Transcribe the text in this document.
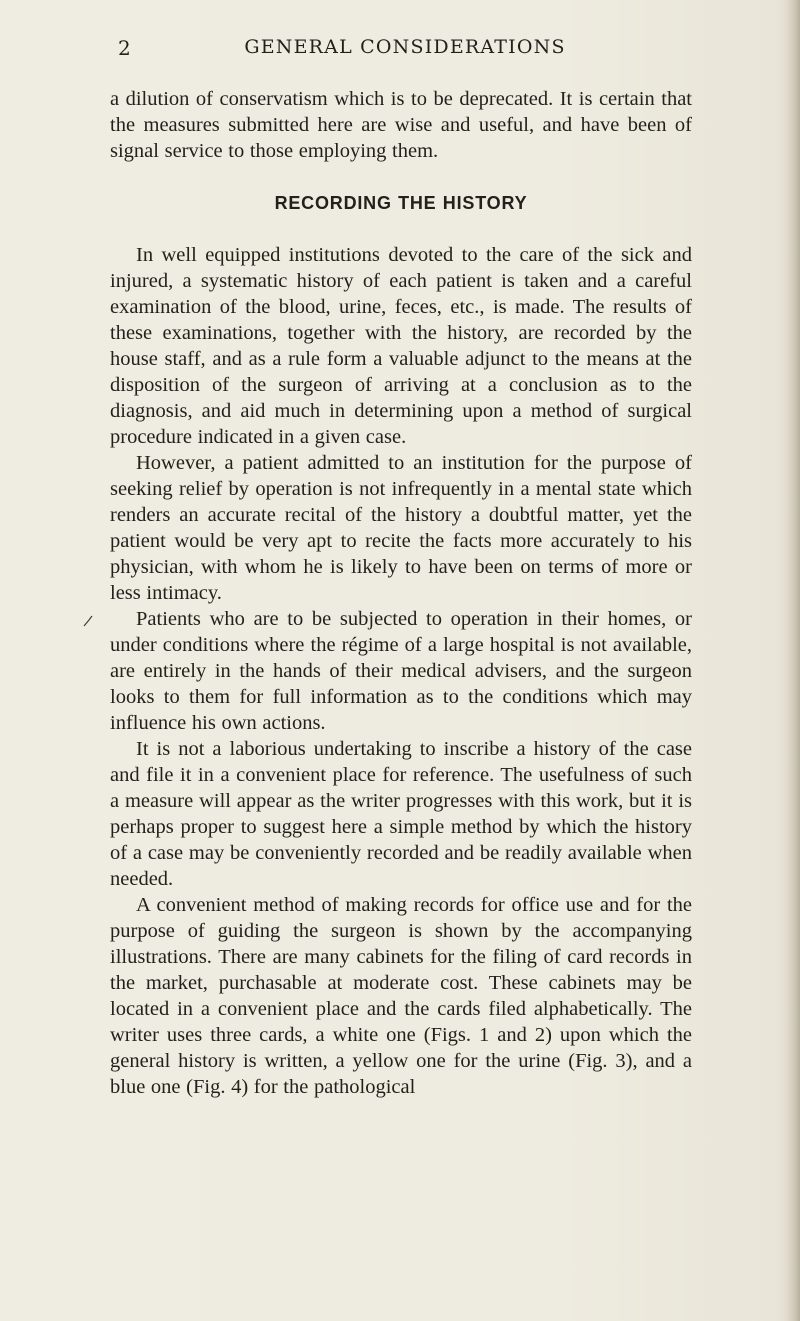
2	GENERAL CONSIDERATIONS

a dilution of conservatism which is to be deprecated. It is certain that the measures submitted here are wise and useful, and have been of signal service to those employing them.

RECORDING THE HISTORY

In well equipped institutions devoted to the care of the sick and injured, a systematic history of each patient is taken and a careful examination of the blood, urine, feces, etc., is made. The results of these examinations, together with the history, are recorded by the house staff, and as a rule form a valuable adjunct to the means at the disposition of the surgeon of arriving at a conclusion as to the diagnosis, and aid much in determining upon a method of surgical procedure indicated in a given case.

However, a patient admitted to an institution for the purpose of seeking relief by operation is not infrequently in a mental state which renders an accurate recital of the history a doubtful matter, yet the patient would be very apt to recite the facts more accurately to his physician, with whom he is likely to have been on terms of more or less intimacy.

Patients who are to be subjected to operation in their homes, or under conditions where the régime of a large hospital is not available, are entirely in the hands of their medical advisers, and the surgeon looks to them for full information as to the conditions which may influence his own actions.

It is not a laborious undertaking to inscribe a history of the case and file it in a convenient place for reference. The usefulness of such a measure will appear as the writer progresses with this work, but it is perhaps proper to suggest here a simple method by which the history of a case may be conveniently recorded and be readily available when needed.

A convenient method of making records for office use and for the purpose of guiding the surgeon is shown by the accompanying illustrations. There are many cabinets for the filing of card records in the market, purchasable at moderate cost. These cabinets may be located in a convenient place and the cards filed alphabetically. The writer uses three cards, a white one (Figs. 1 and 2) upon which the general history is written, a yellow one for the urine (Fig. 3), and a blue one (Fig. 4) for the pathological
